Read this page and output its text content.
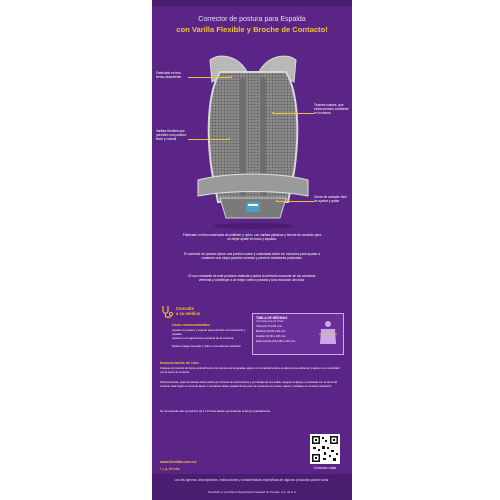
Corrector de postura para Espalda
con Varilla Flexible y Broche de Contacto!
Fabricado en tela termo-absorbente
Varillas flexibles que permiten una postura firme y natural
Tirantes suaves, que evitan presión constante en hombros
Cierre de contacto fácil de ajustar y quitar
Fabricado en tela combinada de poliéster y nylon, con varillas plásticas y broche de contacto para un mejor ajuste en torso y espalda.
El corrector de postura ejerce una presión suave y controlada sobre los músculos para ayudar a mantener una mejor posición correcta y prevenir malestares posturales.
El uso constante de este producto estimula y activa la memoria muscular de las columnas vertebral y contribuye a un mejor control postural y una reducción del dolor.
Consulte
a su médico
Usos recomendados:
Ayudar en postura y soporte para eliminar encorvamiento y espalda
Ayuda en el mejoramiento postural de la columna
Reduce fatiga muscular y dolor en la columna vertebral
TABLA DE MEDIDAS
Circunferencia de Tórax
Chica (S) 70 a 80 cms
Mediana (M) 80 a 90 cms
Grande (G) 90 a 100 cms
Extra Grande (XG) 100 a 110 cms
Instrucciones de Uso:
Coloque el producto de forma vertical frente a la columna de la espalda, ajuste con la banda frontal a la altura de su abdomen y ajuste a su comodidad con el cierre de contacto.
Posteriormente, pase los tirantes hacia arriba por el frente de sus hombros y por debajo de sus axilas, asegure el ajuste y el tensado con el cierre de contacto para lograr su correcto ajuste. Los tirantes deben quedar firmes pero sin presionar en exceso. Ajuste y verifique su correcta colocación.
Se recomienda usar el producto de 2 a 3 horas diarias, aumentando el tiempo gradualmente.
Conoce más
www.tiendita.com.mx
f ◎ ▶ /tiendita
Lea las Ignoras, descripciones, instrucciones y características especificas de algunos productos puede variar.
Tiendita® es una Marca Registrada Propiedad de Tiendita, S.A. de C.V.
